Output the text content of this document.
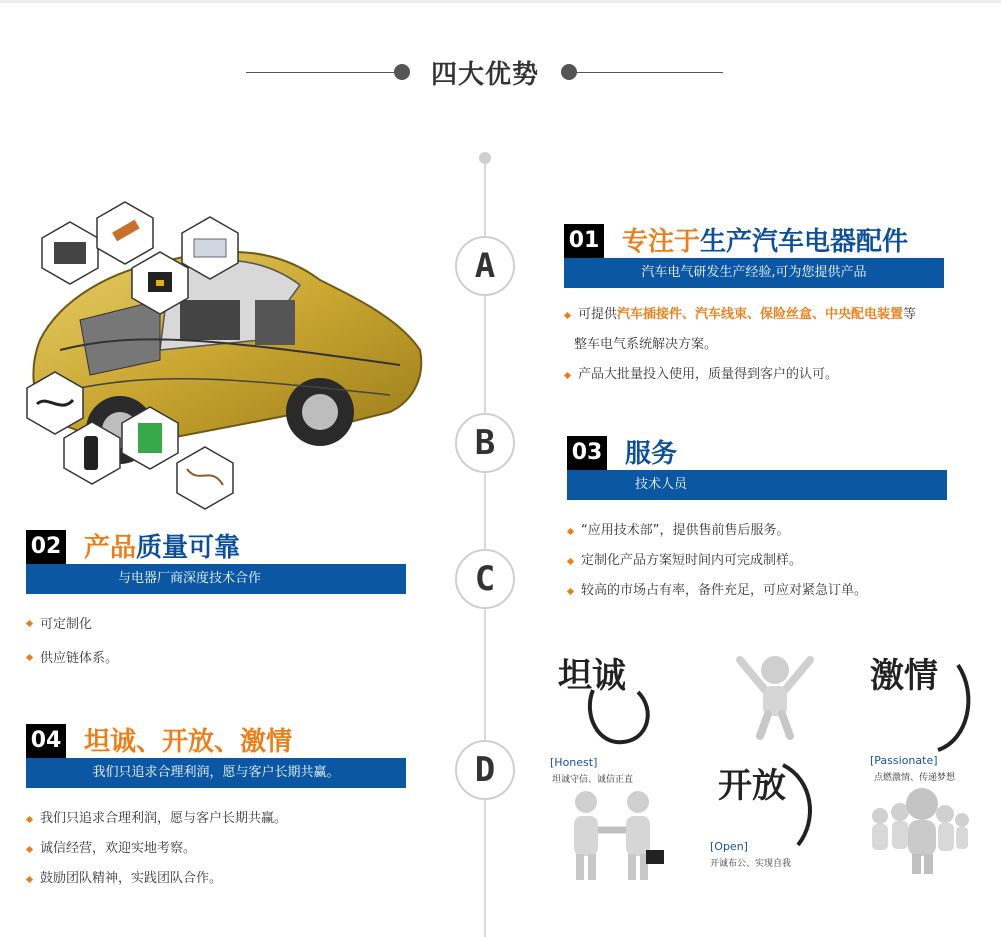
四大优势
A
B
C
D
01 专注于生产汽车电器配件
汽车电气研发生产经验,可为您提供产品
可提供汽车插接件、汽车线束、保险丝盒、中央配电装置等
整车电气系统解决方案。
产品大批量投入使用，质量得到客户的认可。
03 服务
技术人员
“应用技术部”，提供售前售后服务。
定制化产品方案短时间内可完成制样。
较高的市场占有率，备件充足，可应对紧急订单。
02 产品质量可靠
与电器厂商深度技术合作
可定制化
供应链体系。
04 坦诚、开放、激情
我们只追求合理利润，愿与客户长期共赢。
我们只追求合理利润，愿与客户长期共赢。
诚信经营，欢迎实地考察。
鼓励团队精神，实践团队合作。
坦诚
[Honest]
坦诚守信、诚信正直 开放
[Open]
开诚布公、实现自我
激情
[Passionate]
点燃激情、传递梦想
